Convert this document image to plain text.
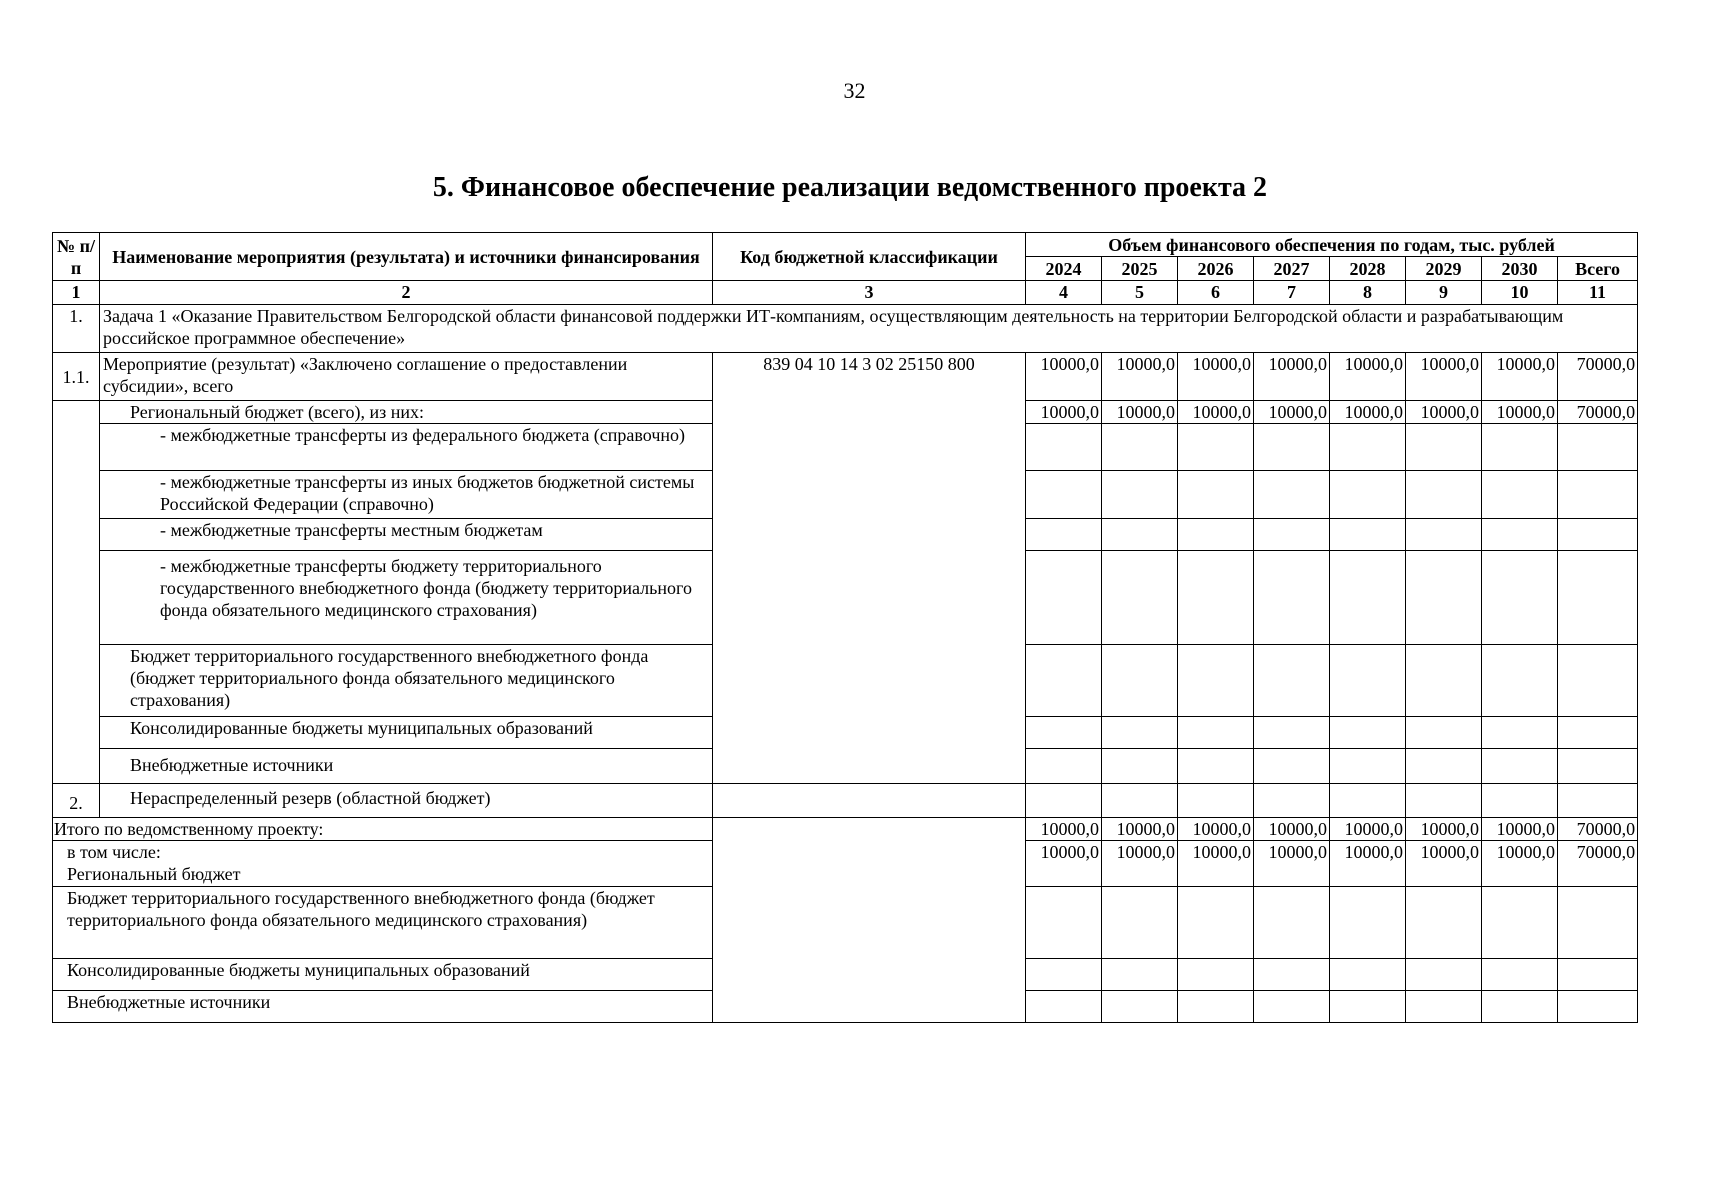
32
5. Финансовое обеспечение реализации ведомственного проекта 2
№ п/п	Наименование мероприятия (результата) и источники финансирования	Код бюджетной классификации	Объем финансового обеспечения по годам, тыс. рублей							
			2024	2025	2026	2027	2028	2029	2030	Всего
1	2	3	4	5	6	7	8	9	10	11
1.	Задача 1 «Оказание Правительством Белгородской области финансовой поддержки ИТ-компаниям, осуществляющим деятельность на территории Белгородской области и разрабатывающим российское программное обеспечение»									
1.1.	Мероприятие (результат) «Заключено соглашение о предоставлении субсидии», всего	839 04 10 14 3 02 25150 800	10000,0	10000,0	10000,0	10000,0	10000,0	10000,0	10000,0	70000,0
	Региональный бюджет (всего), из них:		10000,0	10000,0	10000,0	10000,0	10000,0	10000,0	10000,0	70000,0
	- межбюджетные трансферты из федерального бюджета (справочно)									
	- межбюджетные трансферты из иных бюджетов бюджетной системы Российской Федерации (справочно)									
	- межбюджетные трансферты местным бюджетам									
	- межбюджетные трансферты бюджету территориального государственного внебюджетного фонда (бюджету территориального фонда обязательного медицинского страхования)									
	Бюджет территориального государственного внебюджетного фонда (бюджет территориального фонда обязательного медицинского страхования)									
	Консолидированные бюджеты муниципальных образований									
	Внебюджетные источники									
2.	Нераспределенный резерв (областной бюджет)									
Итого по ведомственному проекту:			10000,0	10000,0	10000,0	10000,0	10000,0	10000,0	10000,0	70000,0
в том числе:
Региональный бюджет			10000,0	10000,0	10000,0	10000,0	10000,0	10000,0	10000,0	70000,0
Бюджет территориального государственного внебюджетного фонда (бюджет территориального фонда обязательного медицинского страхования)										
Консолидированные бюджеты муниципальных образований										
Внебюджетные источники										
